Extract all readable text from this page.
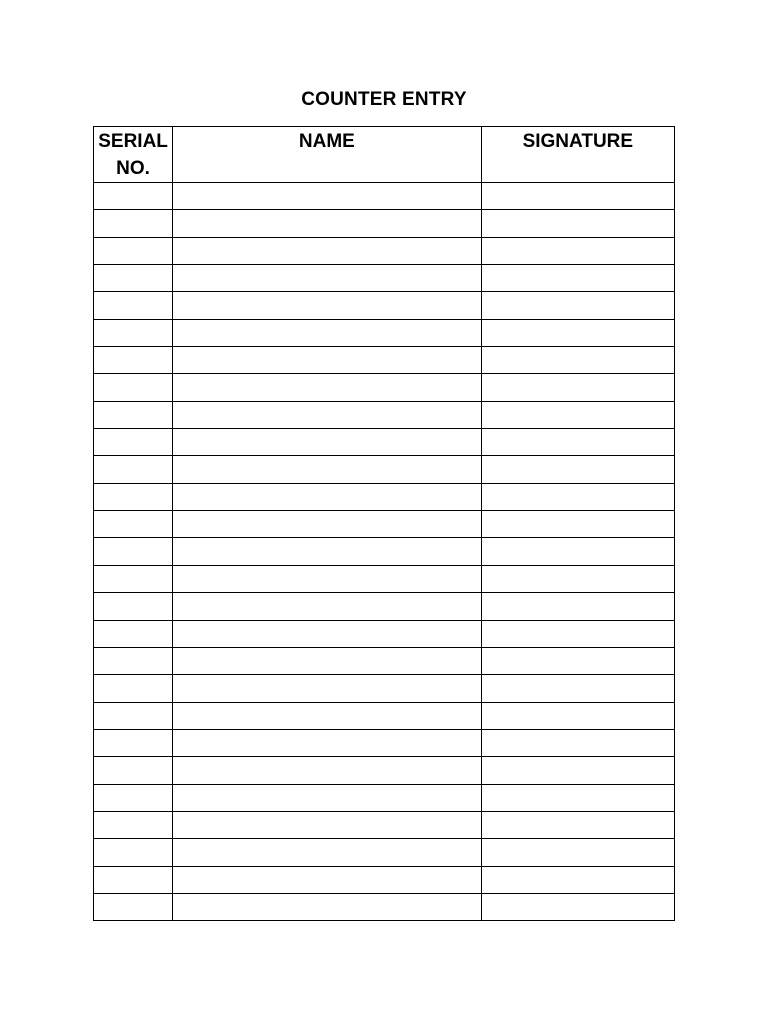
COUNTER ENTRY
SERIAL
NO.	NAME	SIGNATURE
